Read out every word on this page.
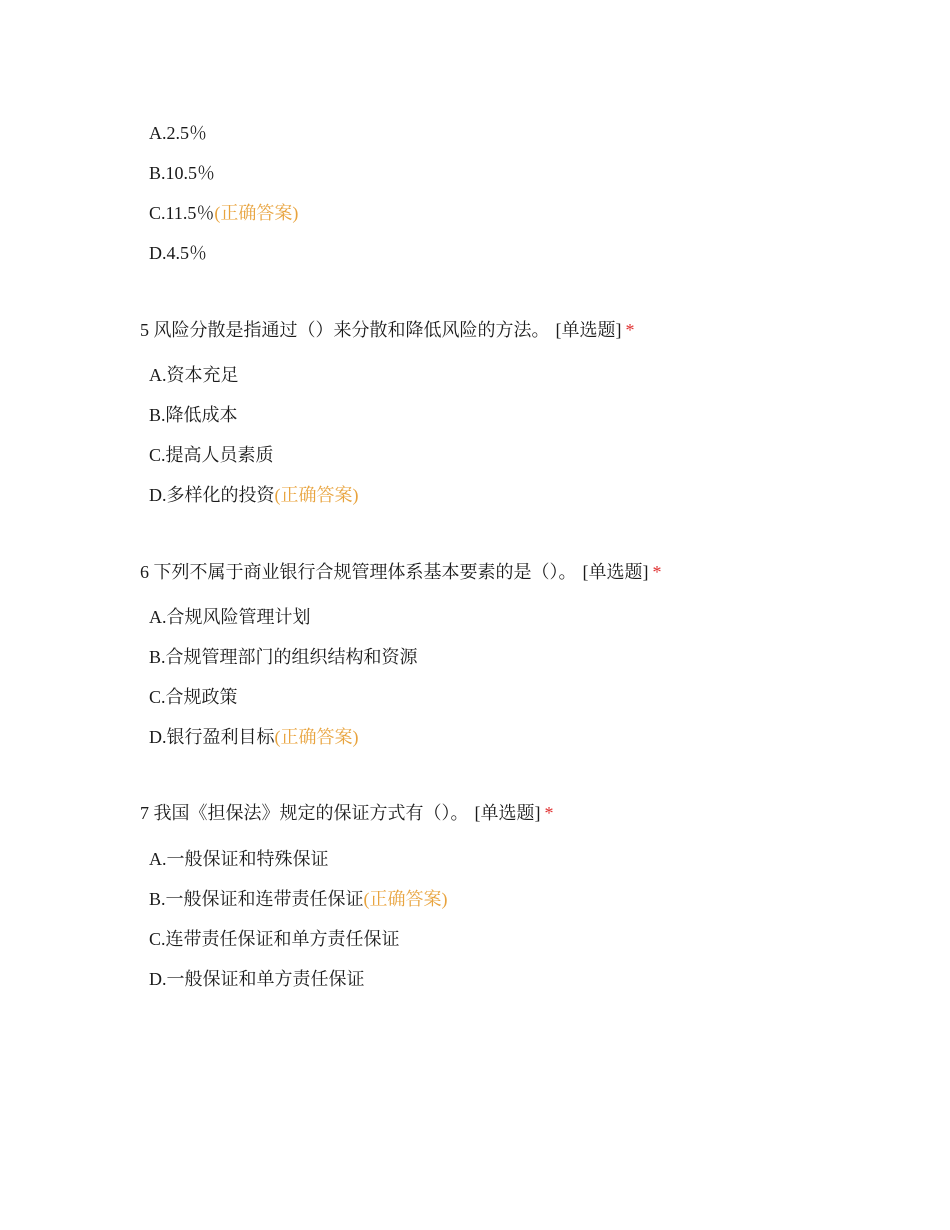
A.2.5％
B.10.5％
C.11.5％(正确答案)
D.4.5％
5 风险分散是指通过（）来分散和降低风险的方法。 [单选题] *
A.资本充足
B.降低成本
C.提高人员素质
D.多样化的投资(正确答案)
6 下列不属于商业银行合规管理体系基本要素的是（）。 [单选题] *
A.合规风险管理计划
B.合规管理部门的组织结构和资源
C.合规政策
D.银行盈利目标(正确答案)
7 我国《担保法》规定的保证方式有（）。 [单选题] *
A.一般保证和特殊保证
B.一般保证和连带责任保证(正确答案)
C.连带责任保证和单方责任保证
D.一般保证和单方责任保证
